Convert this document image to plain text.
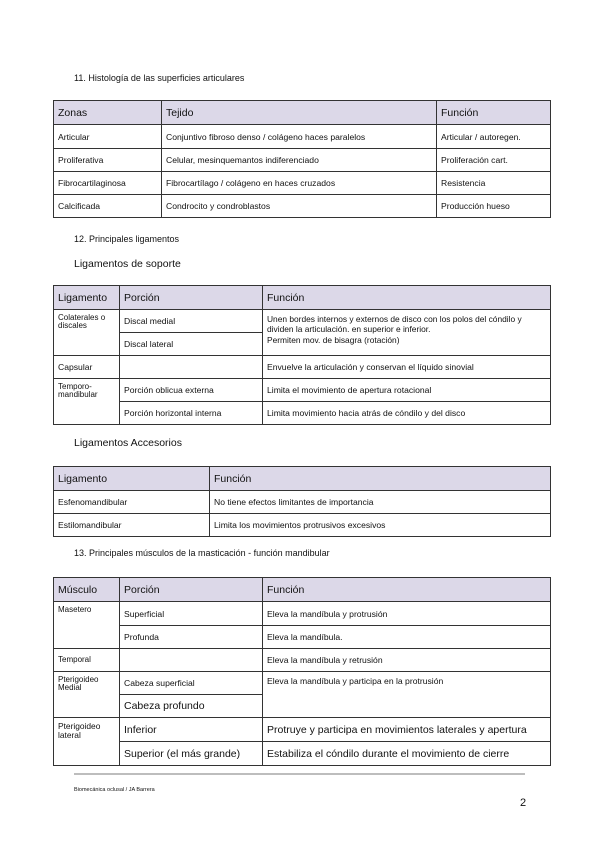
11. Histología de las superficies articulares
Zonas	Tejido	Función
Articular	Conjuntivo fibroso denso / colágeno haces paralelos	Articular / autoregen.
Proliferativa	Celular, mesinquemantos indiferenciado	Proliferación cart.
Fibrocartilaginosa	Fibrocartílago / colágeno en haces cruzados	Resistencia
Calcificada	Condrocito y condroblastos	Producción hueso
12. Principales ligamentos
Ligamentos de soporte
Ligamento	Porción	Función
Colaterales o discales	Discal medial	Unen bordes internos y externos de disco con los polos del cóndilo y dividen la articulación. en superior e inferior.
Permiten mov. de bisagra (rotación)

	Discal lateral	
Capsular		Envuelve la articulación y conservan el líquido sinovial
Temporo-mandibular	Porción oblicua externa	Limita el movimiento de apertura rotacional
	Porción horizontal interna	Limita movimiento hacia atrás de cóndilo y del disco
Ligamentos Accesorios
Ligamento	Función
Esfenomandibular	No tiene efectos limitantes de importancia
Estilomandibular	Limita los movimientos protrusivos excesivos
13. Principales músculos de la masticación - función mandibular
Músculo	Porción	Función
Masetero	Superficial	Eleva la mandíbula y protrusión
	Profunda	Eleva la mandíbula.
Temporal		Eleva la mandíbula y retrusión
Pterigoideo Medial	Cabeza superficial	Eleva la mandíbula y participa en la protrusión
	Cabeza profundo	
Pterigoideo lateral	Inferior	Protruye y participa en movimientos laterales y apertura
	Superior (el más grande)	Estabiliza el cóndilo durante el movimiento de cierre
Biomecánica oclusal / JA Barrera
2
